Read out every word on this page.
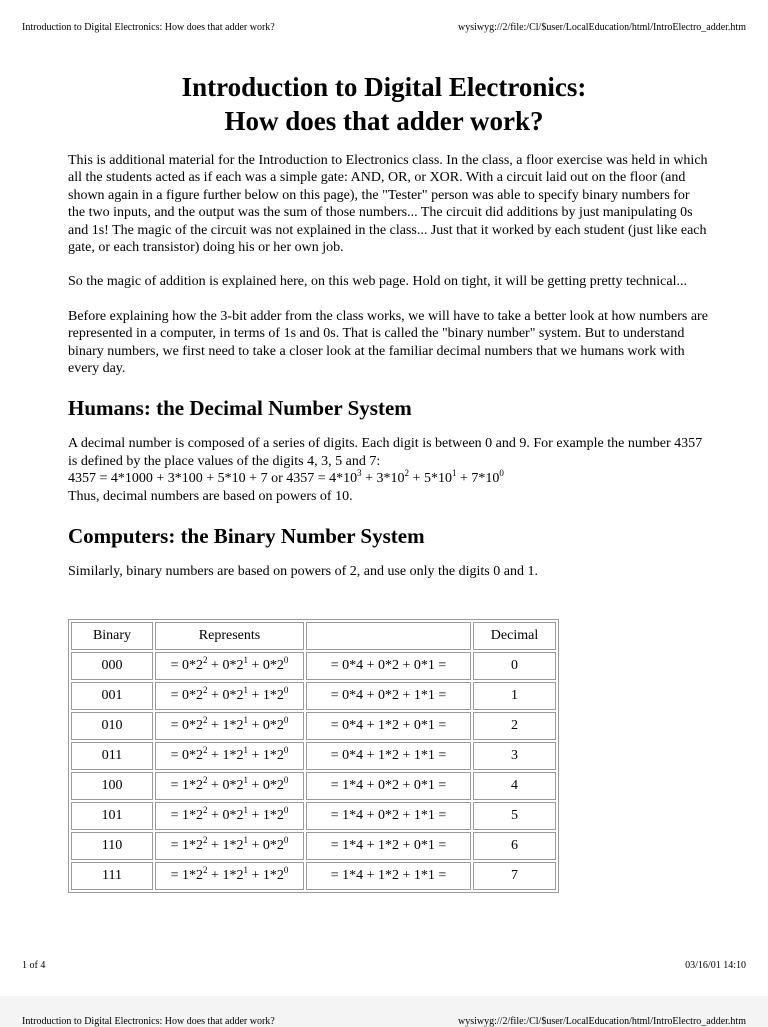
Introduction to Digital Electronics: How does that adder work?	wysiwyg://2/file:/Cl/$user/LocalEducation/html/IntroElectro_adder.htm
Introduction to Digital Electronics:
How does that adder work?

This is additional material for the Introduction to Electronics class. In the class, a floor exercise was held in which all the students acted as if each was a simple gate: AND, OR, or XOR. With a circuit laid out on the floor (and shown again in a figure further below on this page), the "Tester" person was able to specify binary numbers for the two inputs, and the output was the sum of those numbers... The circuit did additions by just manipulating 0s and 1s! The magic of the circuit was not explained in the class... Just that it worked by each student (just like each gate, or each transistor) doing his or her own job.

So the magic of addition is explained here, on this web page. Hold on tight, it will be getting pretty technical...

Before explaining how the 3-bit adder from the class works, we will have to take a better look at how numbers are represented in a computer, in terms of 1s and 0s. That is called the "binary number" system. But to understand binary numbers, we first need to take a closer look at the familiar decimal numbers that we humans work with every day.

Humans: the Decimal Number System

A decimal number is composed of a series of digits. Each digit is between 0 and 9. For example the number 4357 is defined by the place values of the digits 4, 3, 5 and 7:

4357 = 4*1000 + 3*100 + 5*10 + 7 or $4357 = 4*10^3 + 3*10^2 + 5*10^1 + 7*10^0$

Thus, decimal numbers are based on powers of 10.

Computers: the Binary Number System

Similarly, binary numbers are based on powers of 2, and use only the digits 0 and 1.

Binary	Represents		Decimal
000	= $0*2^2 + 0*2^1 + 0*2^0$	= 0*4 + 0*2 + 0*1 =	0
001	= $0*2^2 + 0*2^1 + 1*2^0$	= 0*4 + 0*2 + 1*1 =	1
010	= $0*2^2 + 1*2^1 + 0*2^0$	= 0*4 + 1*2 + 0*1 =	2
011	= $0*2^2 + 1*2^1 + 1*2^0$	= 0*4 + 1*2 + 1*1 =	3
100	= $1*2^2 + 0*2^1 + 0*2^0$	= 1*4 + 0*2 + 0*1 =	4
101	= $1*2^2 + 0*2^1 + 1*2^0$	= 1*4 + 0*2 + 1*1 =	5
110	= $1*2^2 + 1*2^1 + 0*2^0$	= 1*4 + 1*2 + 0*1 =	6
111	= $1*2^2 + 1*2^1 + 1*2^0$	= 1*4 + 1*2 + 1*1 =	7
1 of 4	03/16/01 14:10
Introduction to Digital Electronics: How does that adder work?	wysiwyg://2/file:/Cl/$user/LocalEducation/html/IntroElectro_adder.htm
